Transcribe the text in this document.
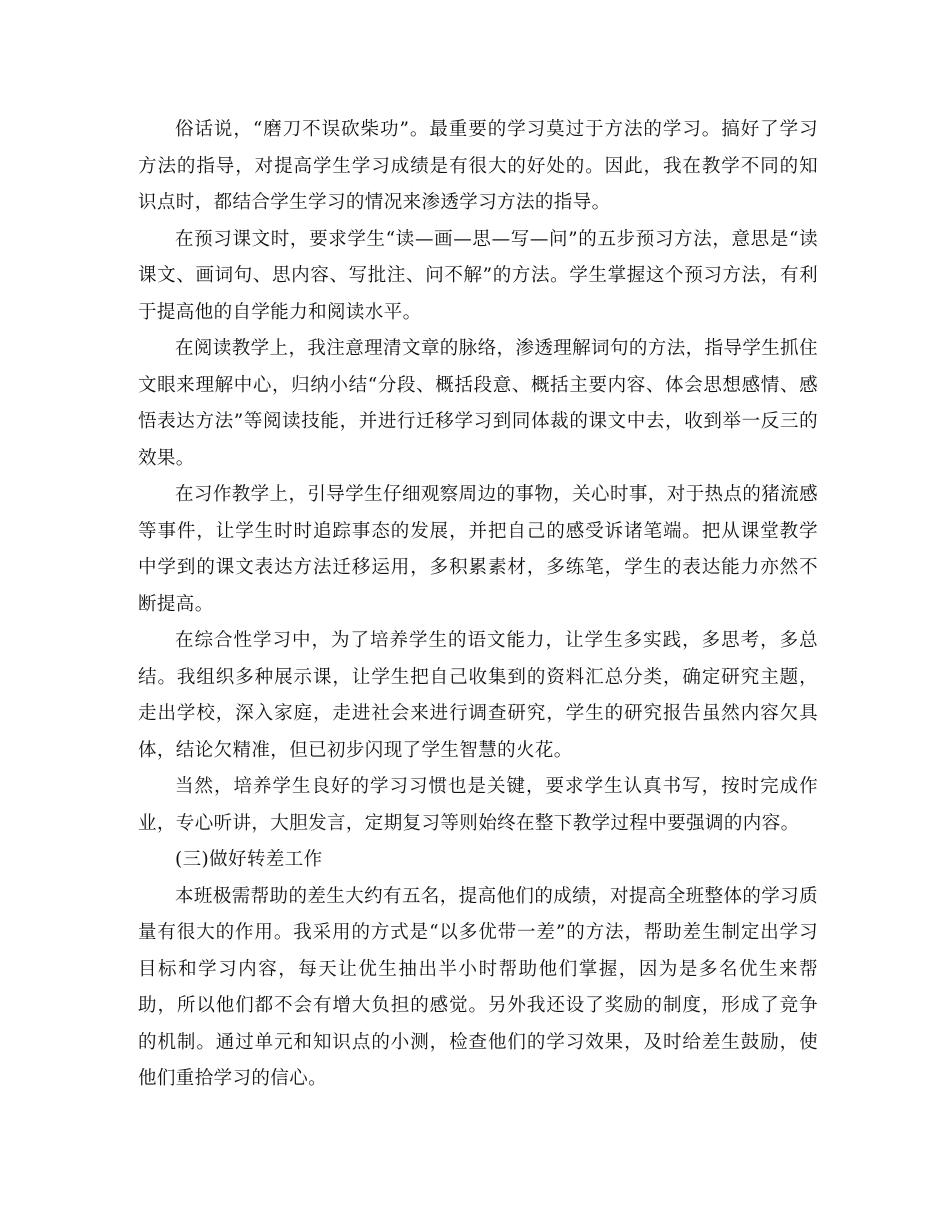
俗话说，“磨刀不误砍柴功”。最重要的学习莫过于方法的学习。搞好了学习方法的指导，对提高学生学习成绩是有很大的好处的。因此，我在教学不同的知识点时，都结合学生学习的情况来渗透学习方法的指导。

在预习课文时，要求学生“读—画—思—写—问”的五步预习方法，意思是“读课文、画词句、思内容、写批注、问不解”的方法。学生掌握这个预习方法，有利于提高他的自学能力和阅读水平。

在阅读教学上，我注意理清文章的脉络，渗透理解词句的方法，指导学生抓住文眼来理解中心，归纳小结“分段、概括段意、概括主要内容、体会思想感情、感悟表达方法”等阅读技能，并进行迁移学习到同体裁的课文中去，收到举一反三的效果。

在习作教学上，引导学生仔细观察周边的事物，关心时事，对于热点的猪流感等事件，让学生时时追踪事态的发展，并把自己的感受诉诸笔端。把从课堂教学中学到的课文表达方法迁移运用，多积累素材，多练笔，学生的表达能力亦然不断提高。

在综合性学习中，为了培养学生的语文能力，让学生多实践，多思考，多总结。我组织多种展示课，让学生把自己收集到的资料汇总分类，确定研究主题，走出学校，深入家庭，走进社会来进行调查研究，学生的研究报告虽然内容欠具体，结论欠精准，但已初步闪现了学生智慧的火花。

当然，培养学生良好的学习习惯也是关键，要求学生认真书写，按时完成作业，专心听讲，大胆发言，定期复习等则始终在整下教学过程中要强调的内容。

(三)做好转差工作

本班极需帮助的差生大约有五名，提高他们的成绩，对提高全班整体的学习质量有很大的作用。我采用的方式是“以多优带一差”的方法，帮助差生制定出学习目标和学习内容，每天让优生抽出半小时帮助他们掌握，因为是多名优生来帮助，所以他们都不会有增大负担的感觉。另外我还设了奖励的制度，形成了竞争的机制。通过单元和知识点的小测，检查他们的学习效果，及时给差生鼓励，使他们重拾学习的信心。
